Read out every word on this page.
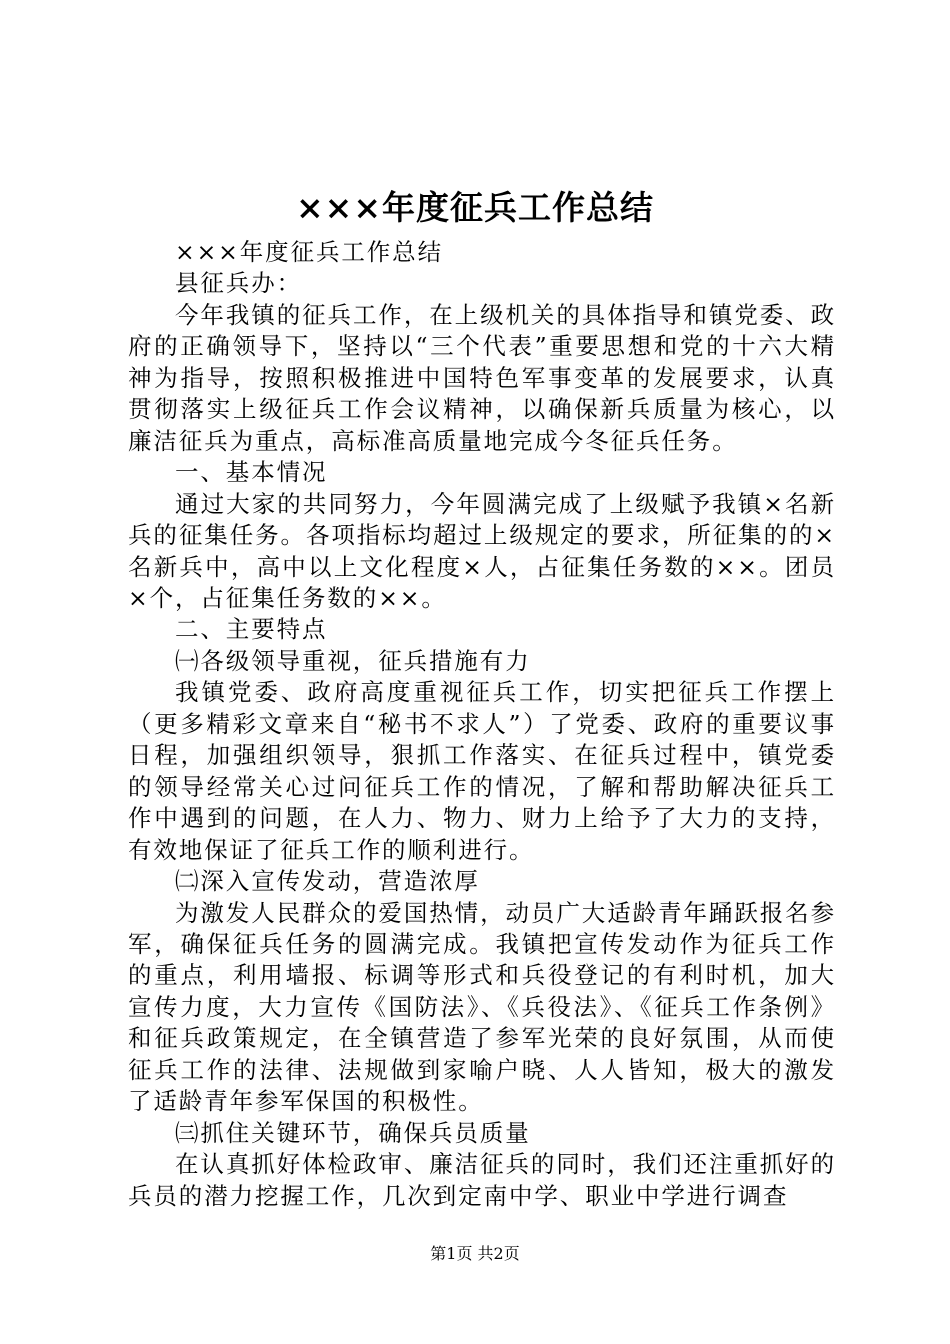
×××年度征兵工作总结

×××年度征兵工作总结

县征兵办：

今年我镇的征兵工作，在上级机关的具体指导和镇党委、政府的正确领导下，坚持以“三个代表”重要思想和党的十六大精神为指导，按照积极推进中国特色军事变革的发展要求，认真贯彻落实上级征兵工作会议精神，以确保新兵质量为核心，以廉洁征兵为重点，高标准高质量地完成今冬征兵任务。

一、基本情况

通过大家的共同努力，今年圆满完成了上级赋予我镇×名新兵的征集任务。各项指标均超过上级规定的要求，所征集的的×名新兵中，高中以上文化程度×人，占征集任务数的××。团员×个，占征集任务数的××。

二、主要特点

㈠各级领导重视，征兵措施有力

我镇党委、政府高度重视征兵工作，切实把征兵工作摆上（更多精彩文章来自“秘书不求人”）了党委、政府的重要议事日程，加强组织领导，狠抓工作落实、在征兵过程中，镇党委的领导经常关心过问征兵工作的情况，了解和帮助解决征兵工作中遇到的问题，在人力、物力、财力上给予了大力的支持，有效地保证了征兵工作的顺利进行。

㈡深入宣传发动，营造浓厚

为激发人民群众的爱国热情，动员广大适龄青年踊跃报名参军，确保征兵任务的圆满完成。我镇把宣传发动作为征兵工作的重点，利用墙报、标调等形式和兵役登记的有利时机，加大宣传力度，大力宣传《国防法》、《兵役法》、《征兵工作条例》和征兵政策规定，在全镇营造了参军光荣的良好氛围，从而使征兵工作的法律、法规做到家喻户晓、人人皆知，极大的激发了适龄青年参军保国的积极性。

㈢抓住关键环节，确保兵员质量

在认真抓好体检政审、廉洁征兵的同时，我们还注重抓好的兵员的潜力挖握工作，几次到定南中学、职业中学进行调查

第1页 共2页
